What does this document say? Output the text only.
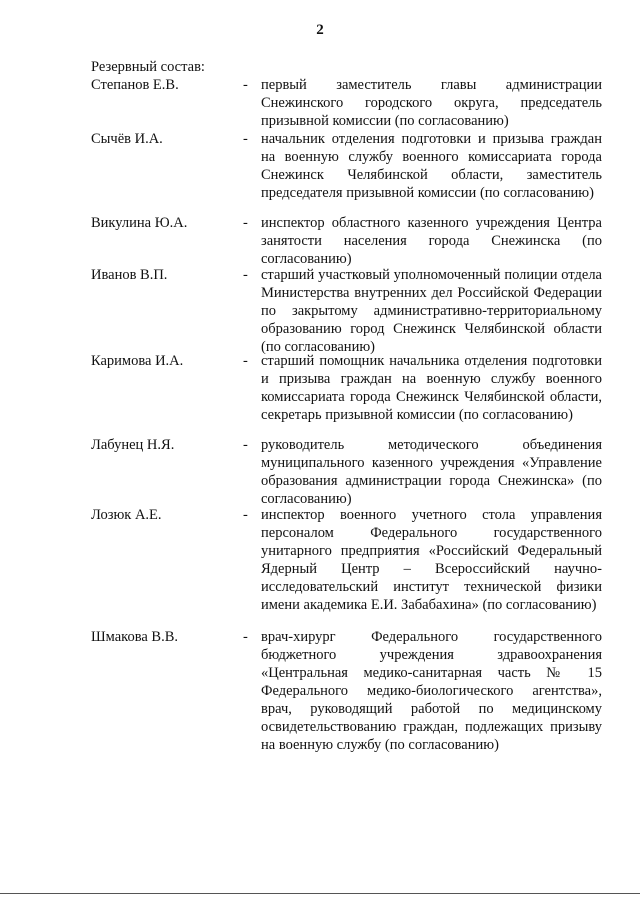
2
Резервный состав:
Степанов Е.В.	- первый заместитель главы администрации Снежинского городского округа, председатель призывной комиссии (по согласованию)
Сычёв И.А.	- начальник отделения подготовки и призыва граждан на военную службу военного комиссариата города Снежинск Челябинской области, заместитель председателя призывной комиссии (по согласованию)
Викулина Ю.А.	- инспектор областного казенного учреждения Центра занятости населения города Снежинска (по согласованию)
Иванов В.П.	- старший участковый уполномоченный полиции отдела Министерства внутренних дел Российской Федерации по закрытому административно-территориальному образованию город Снежинск Челябинской области (по согласованию)
Каримова И.А.	- старший помощник начальника отделения подготовки и призыва граждан на военную службу военного комиссариата города Снежинск Челябинской области, секретарь призывной комиссии (по согласованию)
Лабунец Н.Я.	- руководитель методического объединения муниципального казенного учреждения «Управление образования администрации города Снежинска» (по согласованию)
Лозюк А.Е.	- инспектор военного учетного стола управления персоналом Федерального государственного унитарного предприятия «Российский Федеральный Ядерный Центр – Всероссийский научно-исследовательский институт технической физики имени академика Е.И. Забабахина» (по согласованию)
Шмакова В.В.	- врач-хирург Федерального государственного бюджетного учреждения здравоохранения «Центральная медико-санитарная часть № 15 Федерального медико-биологического агентства», врач, руководящий работой по медицинскому освидетельствованию граждан, подлежащих призыву на военную службу (по согласованию)
